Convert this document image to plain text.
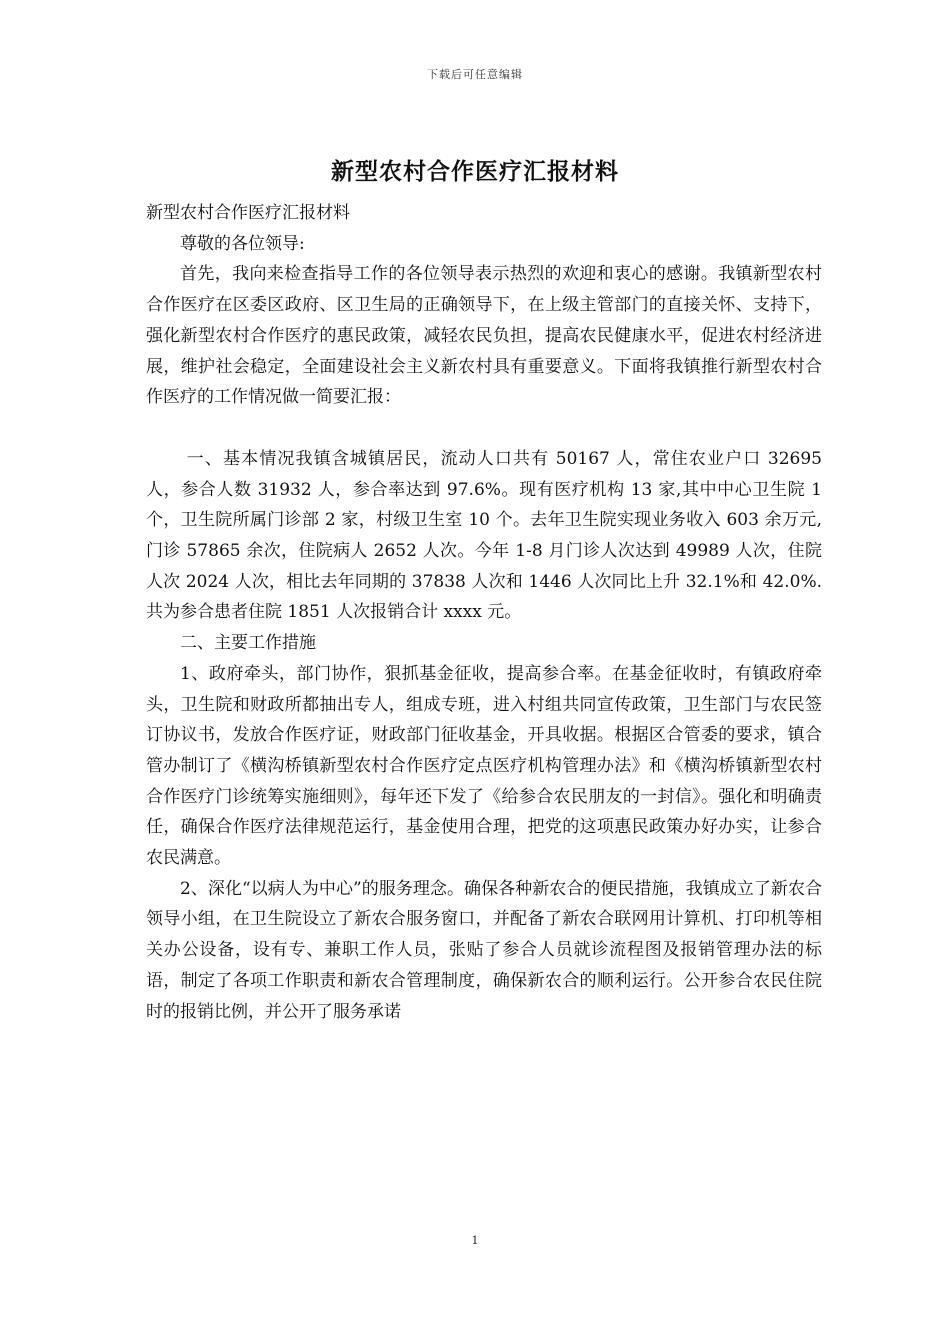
下载后可任意编辑
新型农村合作医疗汇报材料

新型农村合作医疗汇报材料

尊敬的各位领导:

首先，我向来检查指导工作的各位领导表示热烈的欢迎和衷心的感谢。我镇新型农村合作医疗在区委区政府、区卫生局的正确领导下，在上级主管部门的直接关怀、支持下，强化新型农村合作医疗的惠民政策，减轻农民负担，提高农民健康水平，促进农村经济进展，维护社会稳定，全面建设社会主义新农村具有重要意义。下面将我镇推行新型农村合作医疗的工作情况做一简要汇报：

一、基本情况我镇含城镇居民，流动人口共有 50167 人，常住农业户口 32695 人，参合人数 31932 人，参合率达到 97.6%。现有医疗机构 13 家,其中中心卫生院 1 个，卫生院所属门诊部 2 家，村级卫生室 10 个。去年卫生院实现业务收入 603 余万元,门诊 57865 余次，住院病人 2652 人次。今年 1-8 月门诊人次达到 49989 人次，住院人次 2024 人次，相比去年同期的 37838 人次和 1446 人次同比上升 32.1%和 42.0%.共为参合患者住院 1851 人次报销合计 xxxx 元。

二、主要工作措施

1、政府牵头，部门协作，狠抓基金征收，提高参合率。在基金征收时，有镇政府牵头，卫生院和财政所都抽出专人，组成专班，进入村组共同宣传政策，卫生部门与农民签订协议书，发放合作医疗证，财政部门征收基金，开具收据。根据区合管委的要求，镇合管办制订了《横沟桥镇新型农村合作医疗定点医疗机构管理办法》和《横沟桥镇新型农村合作医疗门诊统筹实施细则》，每年还下发了《给参合农民朋友的一封信》。强化和明确责任，确保合作医疗法律规范运行，基金使用合理，把党的这项惠民政策办好办实，让参合农民满意。

2、深化“以病人为中心”的服务理念。确保各种新农合的便民措施，我镇成立了新农合领导小组，在卫生院设立了新农合服务窗口，并配备了新农合联网用计算机、打印机等相关办公设备，设有专、兼职工作人员，张贴了参合人员就诊流程图及报销管理办法的标语，制定了各项工作职责和新农合管理制度，确保新农合的顺利运行。公开参合农民住院时的报销比例，并公开了服务承诺

1
